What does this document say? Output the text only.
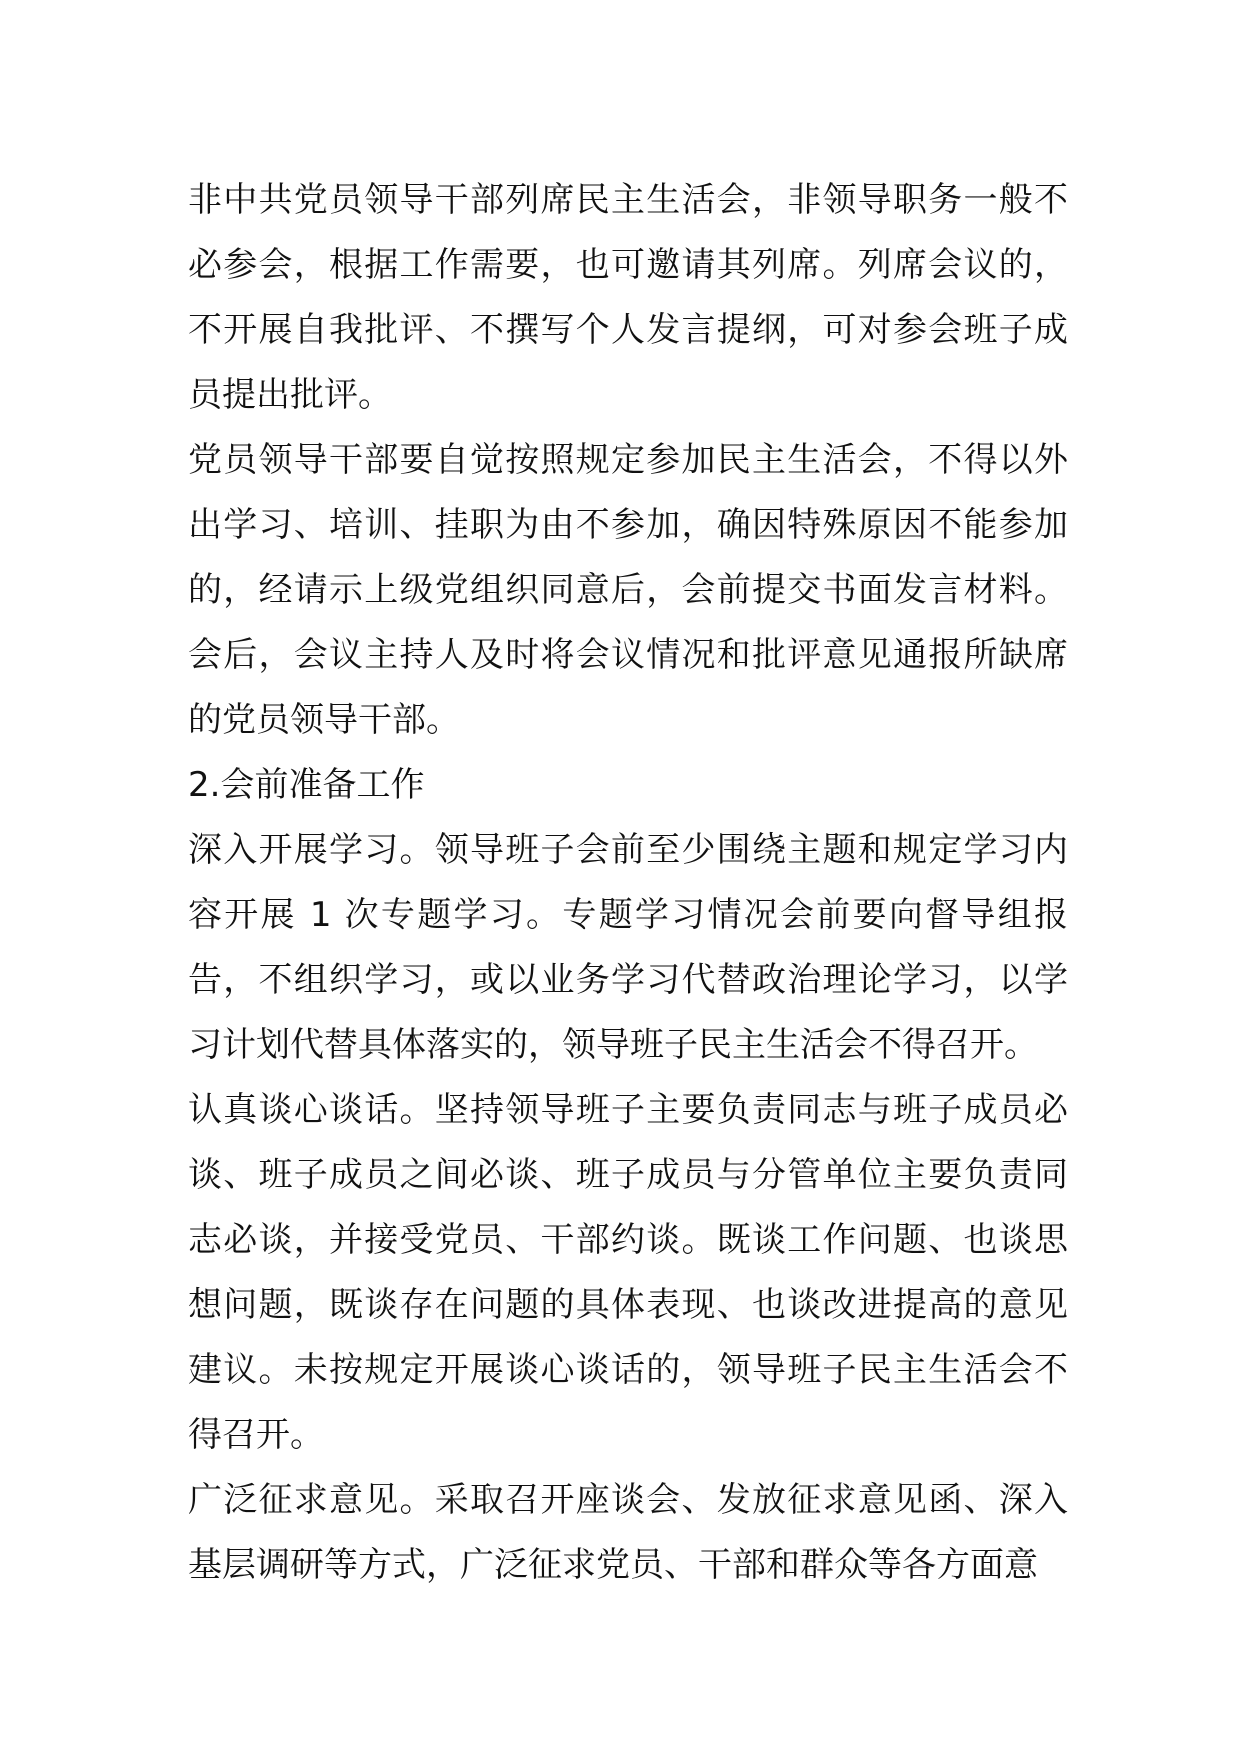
非中共党员领导干部列席民主生活会，非领导职务一般不必参会，根据工作需要，也可邀请其列席。列席会议的，不开展自我批评、不撰写个人发言提纲，可对参会班子成员提出批评。

党员领导干部要自觉按照规定参加民主生活会，不得以外出学习、培训、挂职为由不参加，确因特殊原因不能参加的，经请示上级党组织同意后，会前提交书面发言材料。会后，会议主持人及时将会议情况和批评意见通报所缺席的党员领导干部。

2.会前准备工作

深入开展学习。领导班子会前至少围绕主题和规定学习内容开展 1 次专题学习。专题学习情况会前要向督导组报告，不组织学习，或以业务学习代替政治理论学习，以学习计划代替具体落实的，领导班子民主生活会不得召开。

认真谈心谈话。坚持领导班子主要负责同志与班子成员必谈、班子成员之间必谈、班子成员与分管单位主要负责同志必谈，并接受党员、干部约谈。既谈工作问题、也谈思想问题，既谈存在问题的具体表现、也谈改进提高的意见建议。未按规定开展谈心谈话的，领导班子民主生活会不得召开。

广泛征求意见。采取召开座谈会、发放征求意见函、深入基层调研等方式，广泛征求党员、干部和群众等各方面意
